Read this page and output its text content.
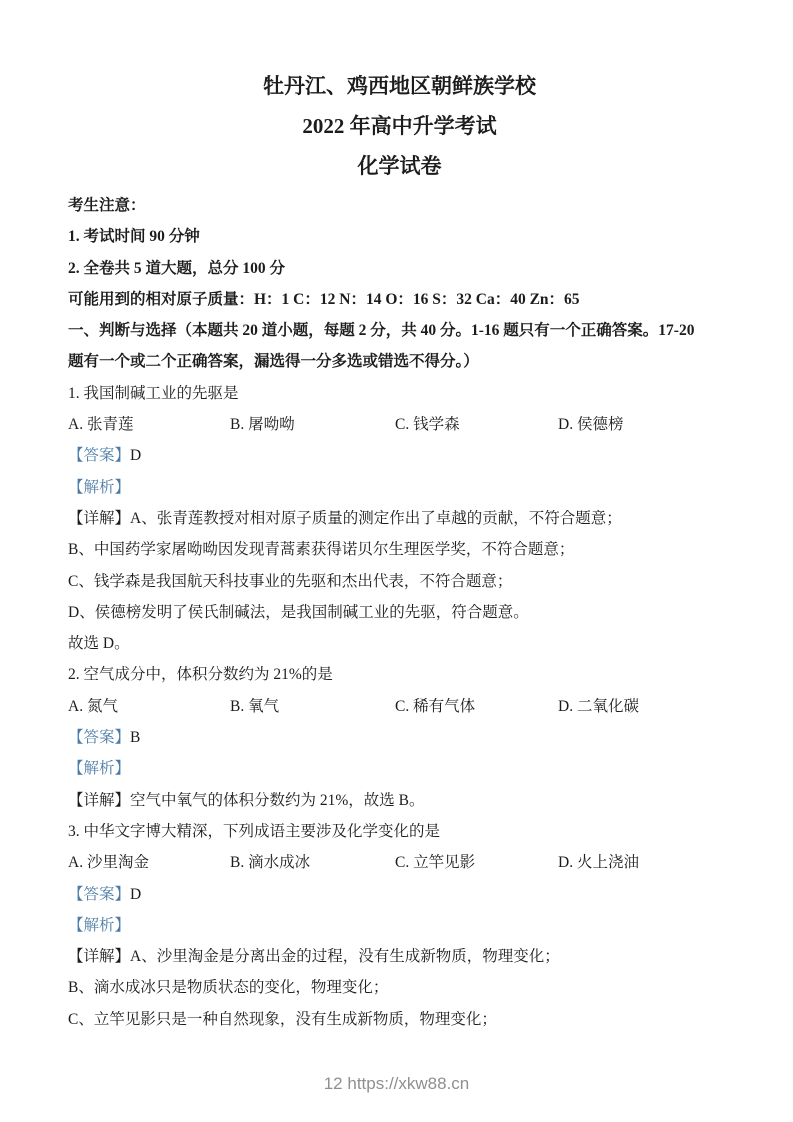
牡丹江、鸡西地区朝鲜族学校
2022 年高中升学考试
化学试卷
考生注意：
1. 考试时间 90 分钟
2. 全卷共 5 道大题，总分 100 分
可能用到的相对原子质量：H：1 C：12 N：14 O：16 S：32 Ca：40 Zn：65
一、判断与选择（本题共 20 道小题，每题 2 分，共 40 分。1-16 题只有一个正确答案。17-20
题有一个或二个正确答案，漏选得一分多选或错选不得分。）
1. 我国制碱工业的先驱是
A. 张青莲	B. 屠呦呦	C. 钱学森	D. 侯德榜
【答案】D
【解析】
【详解】A、张青莲教授对相对原子质量的测定作出了卓越的贡献，不符合题意；
B、中国药学家屠呦呦因发现青蒿素获得诺贝尔生理医学奖，不符合题意；
C、钱学森是我国航天科技事业的先驱和杰出代表，不符合题意；
D、侯德榜发明了侯氏制碱法，是我国制碱工业的先驱，符合题意。
故选 D。
2. 空气成分中，体积分数约为 21%的是
A. 氮气	B. 氧气	C. 稀有气体	D. 二氧化碳
【答案】B
【解析】
【详解】空气中氧气的体积分数约为 21%，故选 B。
3. 中华文字博大精深，下列成语主要涉及化学变化的是
A. 沙里淘金	B. 滴水成冰	C. 立竿见影	D. 火上浇油
【答案】D
【解析】
【详解】A、沙里淘金是分离出金的过程，没有生成新物质，物理变化；
B、滴水成冰只是物质状态的变化，物理变化；
C、立竿见影只是一种自然现象，没有生成新物质，物理变化；
12 https://xkw88.cn
